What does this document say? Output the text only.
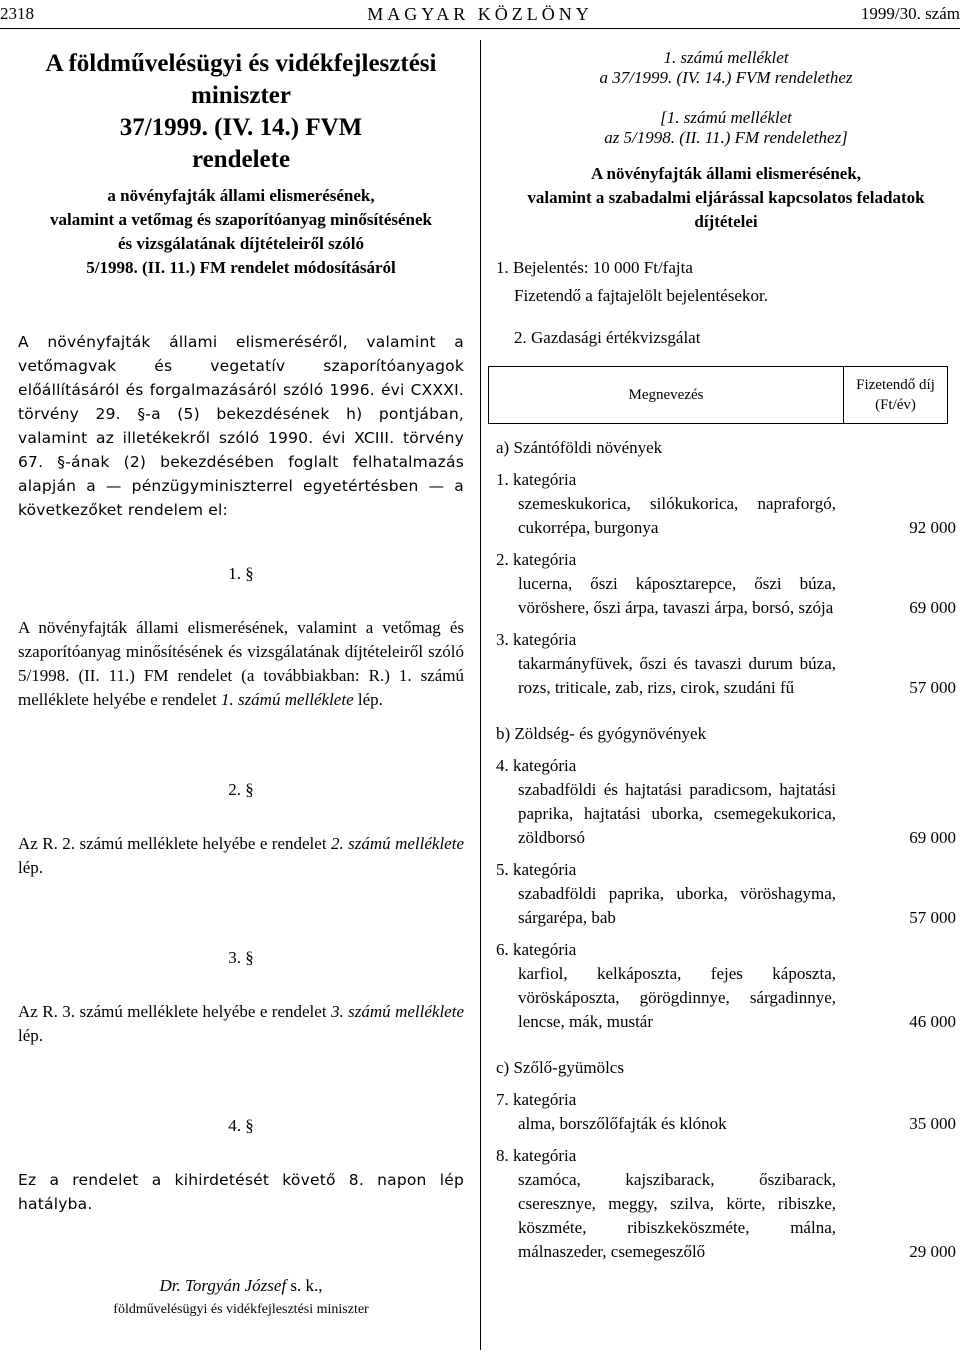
2318	MAGYAR KÖZLÖNY	1999/30. szám
A földművelésügyi és vidékfejlesztési
miniszter
37/1999. (IV. 14.) FVM
rendelete
a növényfajták állami elismerésének,
valamint a vetőmag és szaporítóanyag minősítésének
és vizsgálatának díjtételeiről szóló
5/1998. (II. 11.) FM rendelet módosításáról
A növényfajták állami elismeréséről, valamint a vetőmagvak és vegetatív szaporítóanyagok előállításáról és forgalmazásáról szóló 1996. évi CXXXI. törvény 29. §-a (5) bekezdésének h) pontjában, valamint az illetékekről szóló 1990. évi XCIII. törvény 67. §-ának (2) bekezdésében foglalt felhatalmazás alapján a — pénzügyminiszterrel egyetértésben — a következőket rendelem el:
1. §
A növényfajták állami elismerésének, valamint a vetőmag és szaporítóanyag minősítésének és vizsgálatának díjtételeiről szóló 5/1998. (II. 11.) FM rendelet (a továbbiakban: R.) 1. számú melléklete helyébe e rendelet 1. számú melléklete lép.
2. §
Az R. 2. számú melléklete helyébe e rendelet 2. számú melléklete lép.
3. §
Az R. 3. számú melléklete helyébe e rendelet 3. számú melléklete lép.
4. §
Ez a rendelet a kihirdetését követő 8. napon lép hatályba.
Dr. Torgyán József s. k.,
földművelésügyi és vidékfejlesztési miniszter
1. számú melléklet
a 37/1999. (IV. 14.) FVM rendelethez
[1. számú melléklet
az 5/1998. (II. 11.) FM rendelethez]
A növényfajták állami elismerésének,
valamint a szabadalmi eljárással kapcsolatos feladatok
díjtételei
1. Bejelentés: 10 000 Ft/fajta
Fizetendő a fajtajelölt bejelentésekor.
2. Gazdasági értékvizsgálat
Megnevezés	Fizetendő díj (Ft/év)
a) Szántóföldi növények
1. kategória
szemeskukorica, silókukorica, napraforgó, cukorrépa, burgonya	92 000
2. kategória
lucerna, őszi káposztarepce, őszi búza, vöröshere, őszi árpa, tavaszi árpa, borsó, szója	69 000
3. kategória
takarmányfüvek, őszi és tavaszi durum búza, rozs, triticale, zab, rizs, cirok, szudáni fű	57 000
b) Zöldség- és gyógynövények
4. kategória
szabadföldi és hajtatási paradicsom, hajtatási paprika, hajtatási uborka, csemegekukorica, zöldborsó	69 000
5. kategória
szabadföldi paprika, uborka, vöröshagyma, sárgarépa, bab	57 000
6. kategória
karfiol, kelkáposzta, fejes káposzta, vöröskáposzta, görögdinnye, sárgadinnye, lencse, mák, mustár	46 000
c) Szőlő-gyümölcs
7. kategória
alma, borszőlőfajták és klónok	35 000
8. kategória
szamóca, kajszibarack, őszibarack, cseresznye, meggy, szilva, körte, ribiszke, köszméte, ribiszkeköszméte, málna, málnaszeder, csemegeszőlő	29 000
